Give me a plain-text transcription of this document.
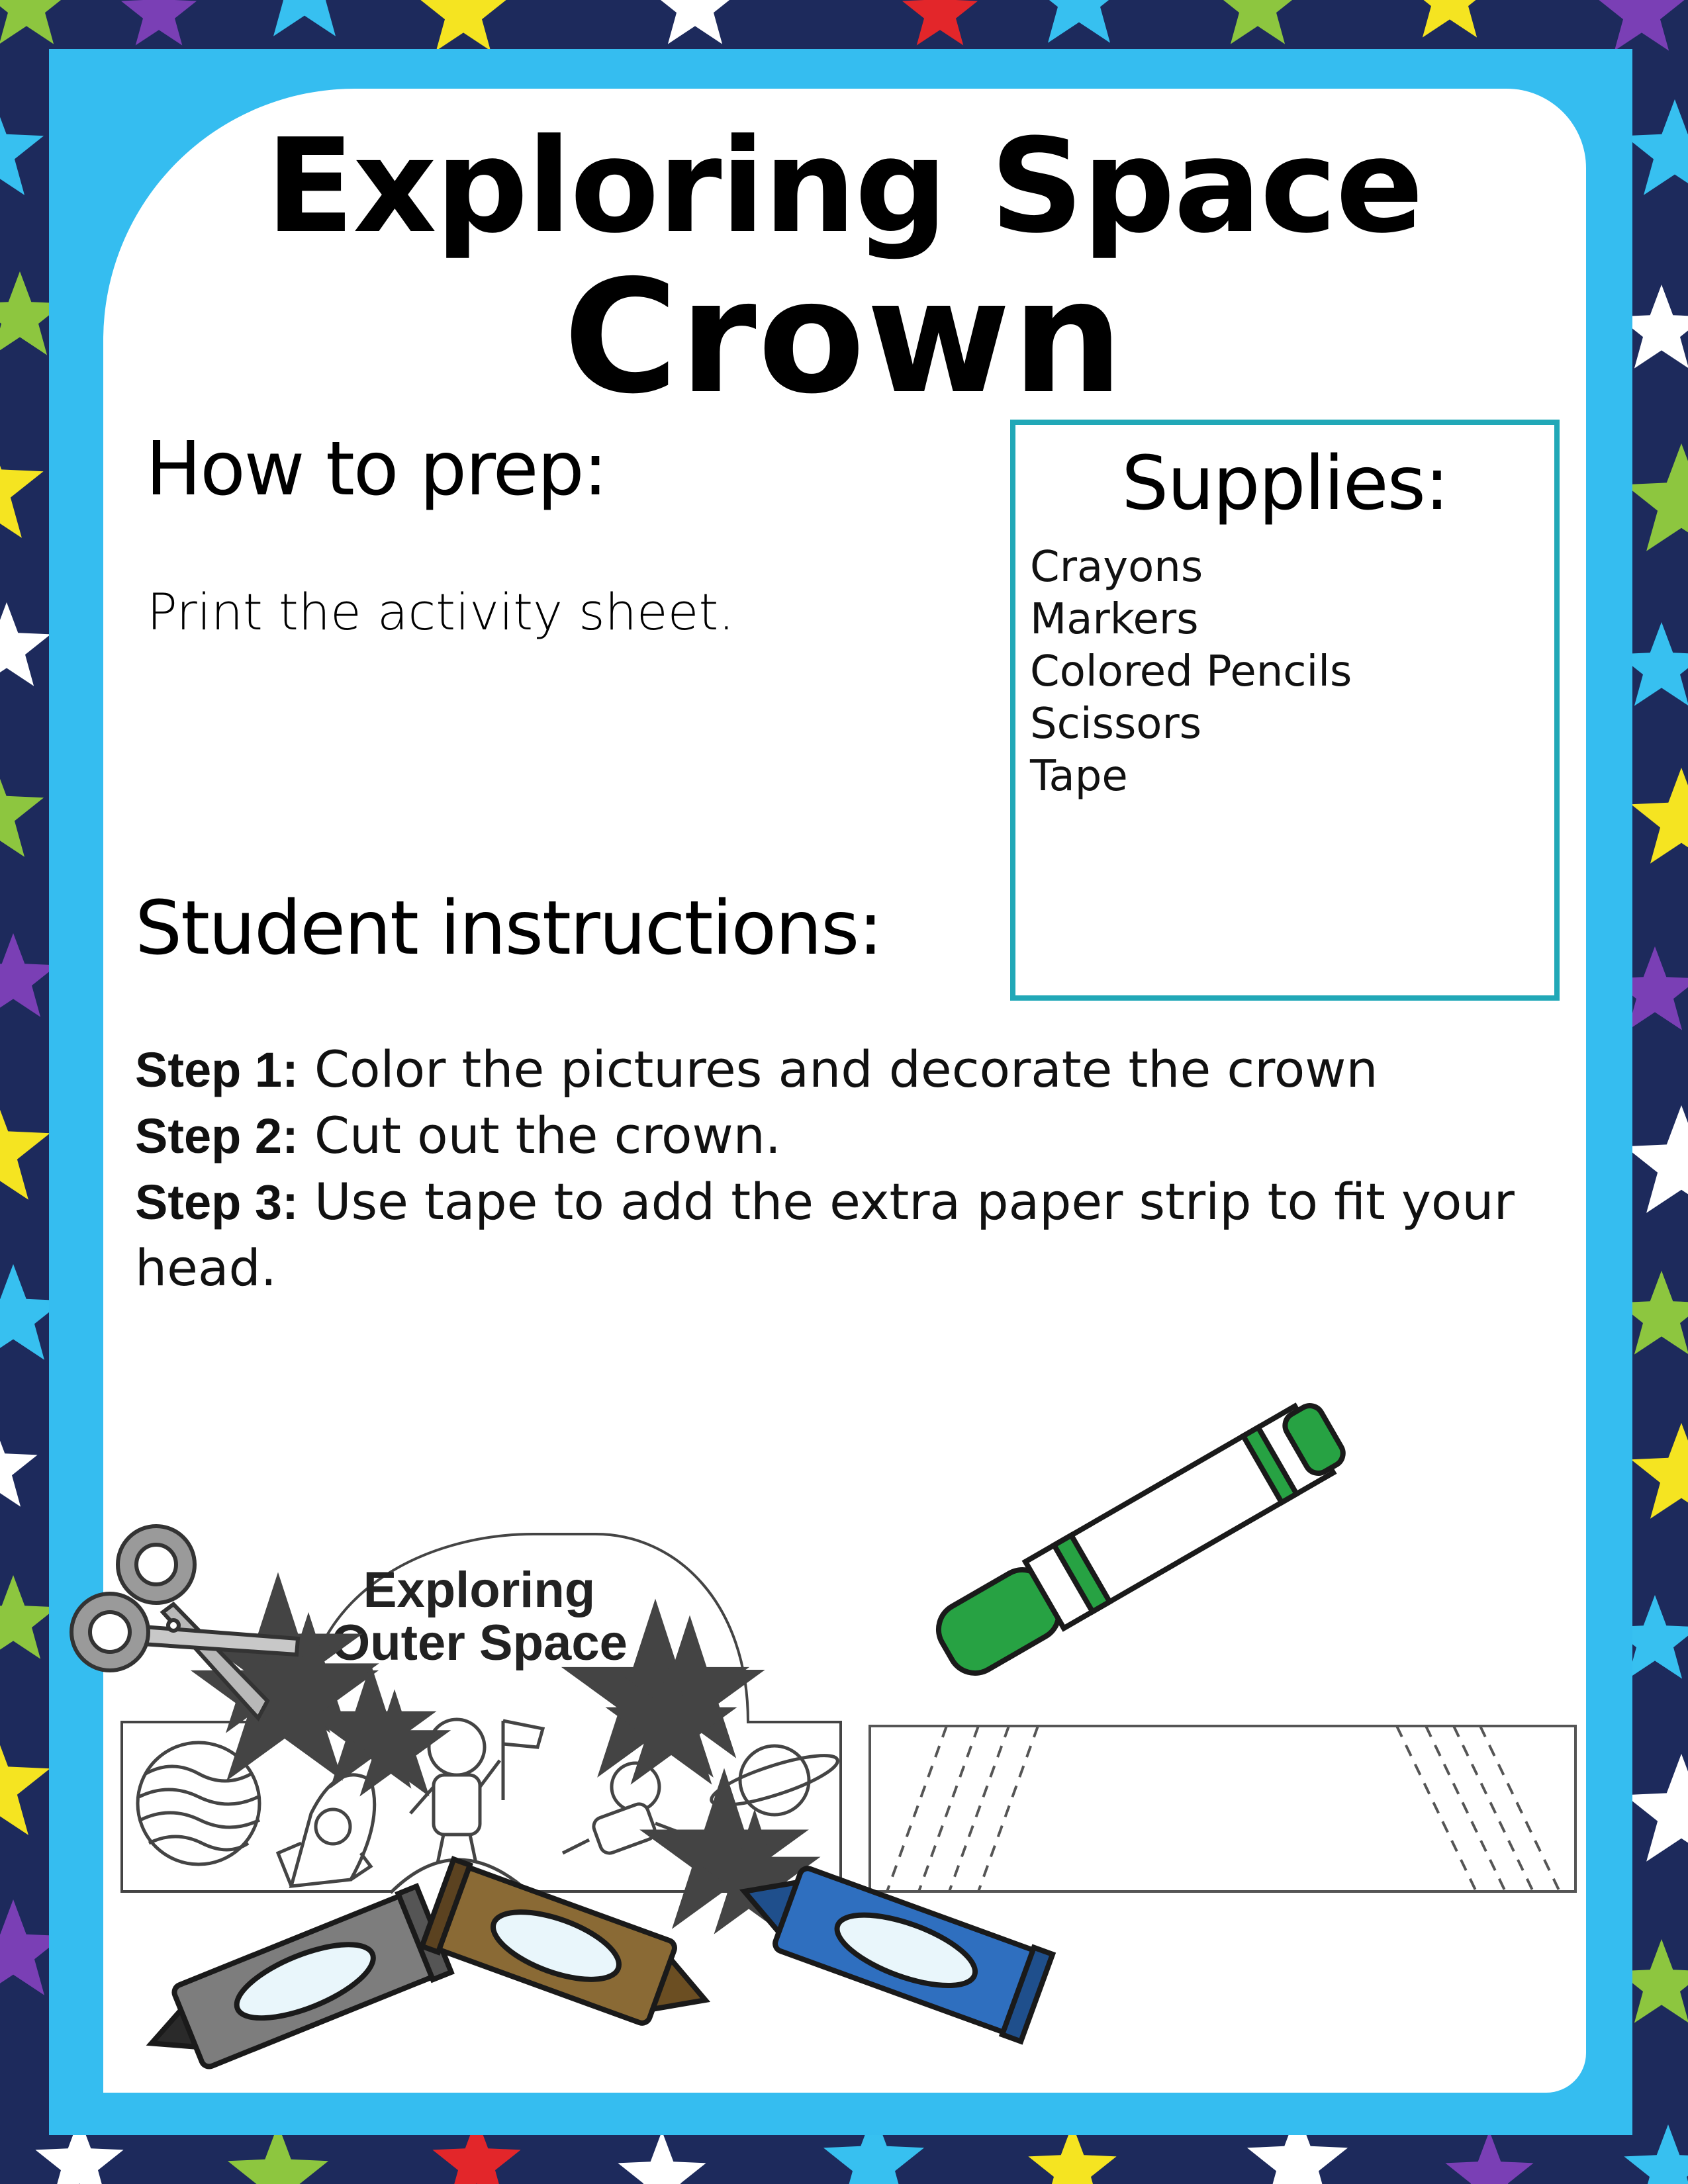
Exploring Space
Crown
How to prep:
Print the activity sheet.
Supplies:
Crayons
Markers
Colored Pencils
Scissors
Tape
Student instructions:

Step 1: Color the pictures and decorate the crown

Step 2: Cut out the crown.

Step 3: Use tape to add the extra paper strip to fit your head.

Exploring
Outer Space
